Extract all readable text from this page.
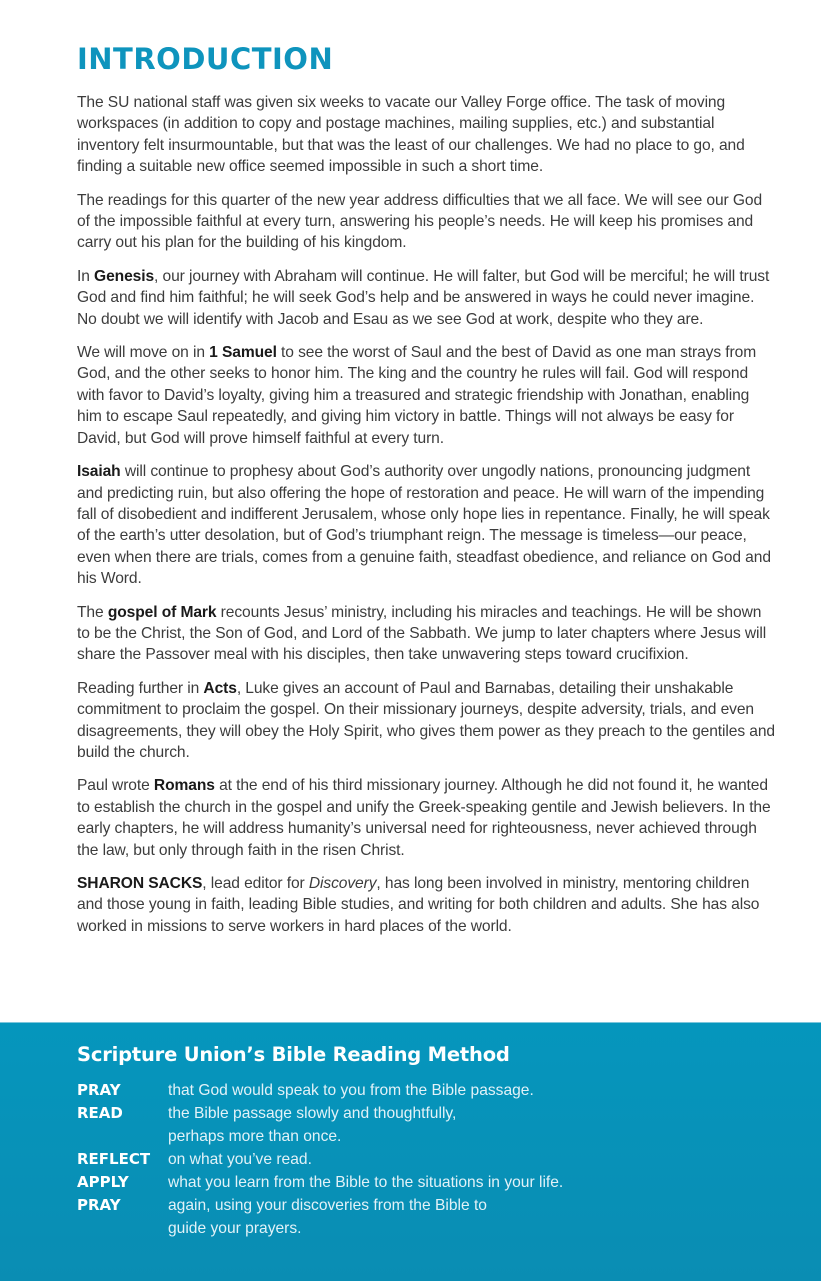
INTRODUCTION

The SU national staff was given six weeks to vacate our Valley Forge office. The task of moving workspaces (in addition to copy and postage machines, mailing supplies, etc.) and substantial inventory felt insurmountable, but that was the least of our challenges. We had no place to go, and finding a suitable new office seemed impossible in such a short time.

The readings for this quarter of the new year address difficulties that we all face. We will see our God of the impossible faithful at every turn, answering his people’s needs. He will keep his promises and carry out his plan for the building of his kingdom.

In Genesis, our journey with Abraham will continue. He will falter, but God will be merciful; he will trust God and find him faithful; he will seek God’s help and be answered in ways he could never imagine. No doubt we will identify with Jacob and Esau as we see God at work, despite who they are.

We will move on in 1 Samuel to see the worst of Saul and the best of David as one man strays from God, and the other seeks to honor him. The king and the country he rules will fail. God will respond with favor to David’s loyalty, giving him a treasured and strategic friendship with Jonathan, enabling him to escape Saul repeatedly, and giving him victory in battle. Things will not always be easy for David, but God will prove himself faithful at every turn.

Isaiah will continue to prophesy about God’s authority over ungodly nations, pronouncing judgment and predicting ruin, but also offering the hope of restoration and peace. He will warn of the impending fall of disobedient and indifferent Jerusalem, whose only hope lies in repentance. Finally, he will speak of the earth’s utter desolation, but of God’s triumphant reign. The message is timeless—our peace, even when there are trials, comes from a genuine faith, steadfast obedience, and reliance on God and his Word.

The gospel of Mark recounts Jesus’ ministry, including his miracles and teachings. He will be shown to be the Christ, the Son of God, and Lord of the Sabbath. We jump to later chapters where Jesus will share the Passover meal with his disciples, then take unwavering steps toward crucifixion.

Reading further in Acts, Luke gives an account of Paul and Barnabas, detailing their unshakable commitment to proclaim the gospel. On their missionary journeys, despite adversity, trials, and even disagreements, they will obey the Holy Spirit, who gives them power as they preach to the gentiles and build the church.

Paul wrote Romans at the end of his third missionary journey. Although he did not found it, he wanted to establish the church in the gospel and unify the Greek-speaking gentile and Jewish believers. In the early chapters, he will address humanity’s universal need for righteousness, never achieved through the law, but only through faith in the risen Christ.

SHARON SACKS, lead editor for Discovery, has long been involved in ministry, mentoring children and those young in faith, leading Bible studies, and writing for both children and adults. She has also worked in missions to serve workers in hard places of the world.

Scripture Union’s Bible Reading Method
PRAY	that God would speak to you from the Bible passage.
READ	the Bible passage slowly and thoughtfully,
perhaps more than once.
REFLECT	on what you’ve read.
APPLY	what you learn from the Bible to the situations in your life.
PRAY	again, using your discoveries from the Bible to
guide your prayers.
